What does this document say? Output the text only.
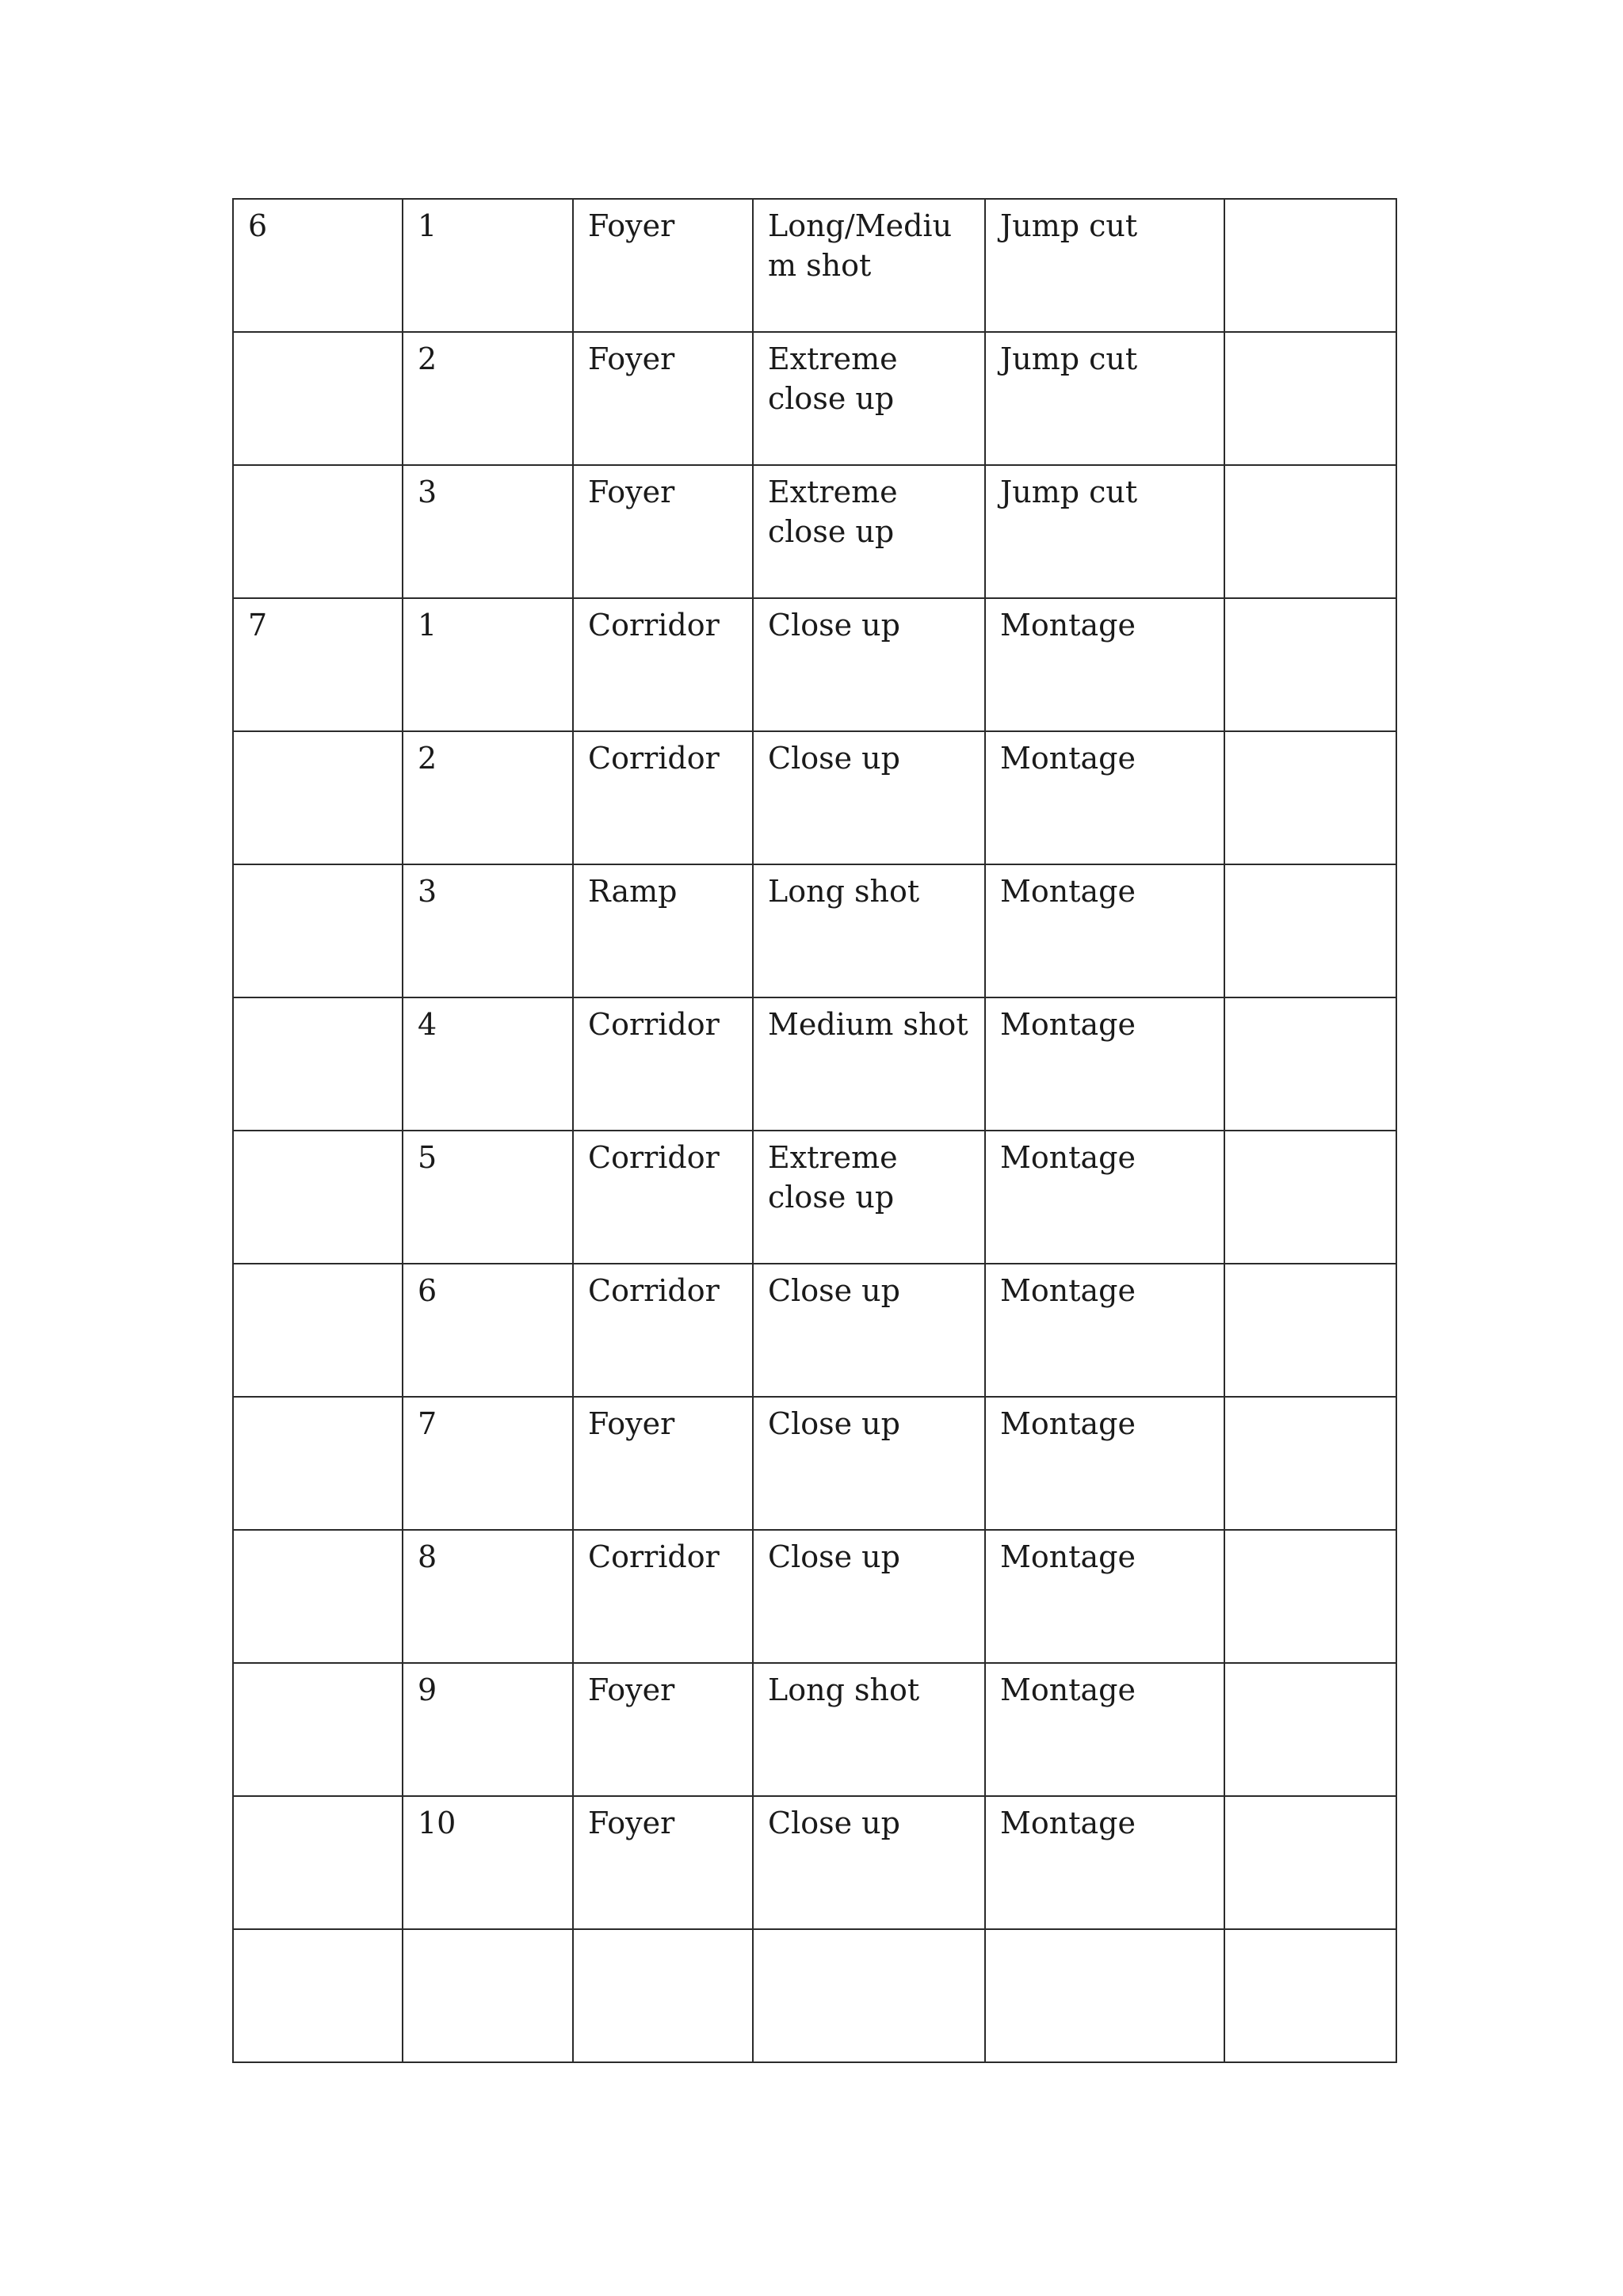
6	1	Foyer	Long/Medium shot	Jump cut	
	2	Foyer	Extreme close up	Jump cut	
	3	Foyer	Extreme close up	Jump cut	
7	1	Corridor	Close up	Montage	
	2	Corridor	Close up	Montage	
	3	Ramp	Long shot	Montage	
	4	Corridor	Medium shot	Montage	
	5	Corridor	Extreme close up	Montage	
	6	Corridor	Close up	Montage	
	7	Foyer	Close up	Montage	
	8	Corridor	Close up	Montage	
	9	Foyer	Long shot	Montage	
	10	Foyer	Close up	Montage	
